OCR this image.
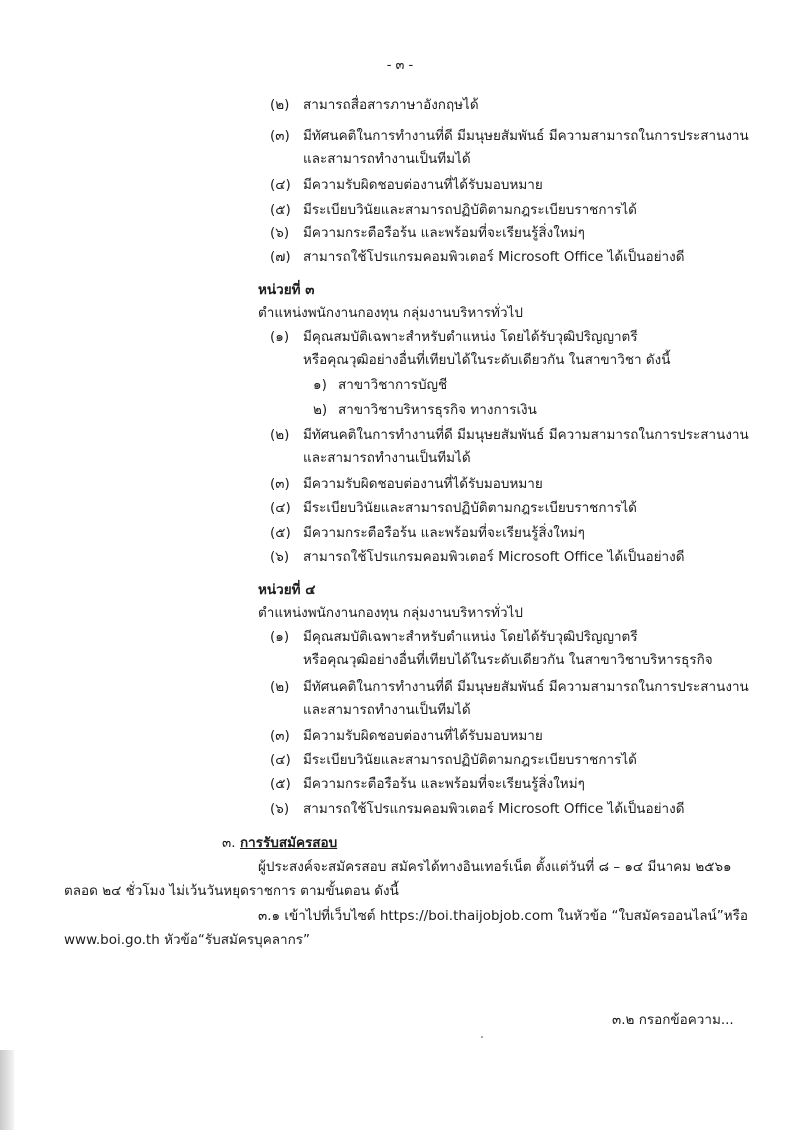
- ๓ -
(๒) สามารถสื่อสารภาษาอังกฤษได้
(๓) มีทัศนคติในการทำงานที่ดี มีมนุษยสัมพันธ์ มีความสามารถในการประสานงาน
และสามารถทำงานเป็นทีมได้
(๔) มีความรับผิดชอบต่องานที่ได้รับมอบหมาย
(๕) มีระเบียบวินัยและสามารถปฏิบัติตามกฎระเบียบราชการได้
(๖) มีความกระตือรือร้น และพร้อมที่จะเรียนรู้สิ่งใหม่ๆ
(๗) สามารถใช้โปรแกรมคอมพิวเตอร์ Microsoft Office ได้เป็นอย่างดี
หน่วยที่ ๓
ตำแหน่งพนักงานกองทุน กลุ่มงานบริหารทั่วไป
(๑) มีคุณสมบัติเฉพาะสำหรับตำแหน่ง โดยได้รับวุฒิปริญญาตรี
หรือคุณวุฒิอย่างอื่นที่เทียบได้ในระดับเดียวกัน ในสาขาวิชา ดังนี้
๑) สาขาวิชาการบัญชี
๒) สาขาวิชาบริหารธุรกิจ ทางการเงิน
(๒) มีทัศนคติในการทำงานที่ดี มีมนุษยสัมพันธ์ มีความสามารถในการประสานงาน
และสามารถทำงานเป็นทีมได้
(๓) มีความรับผิดชอบต่องานที่ได้รับมอบหมาย
(๔) มีระเบียบวินัยและสามารถปฏิบัติตามกฎระเบียบราชการได้
(๕) มีความกระตือรือร้น และพร้อมที่จะเรียนรู้สิ่งใหม่ๆ
(๖) สามารถใช้โปรแกรมคอมพิวเตอร์ Microsoft Office ได้เป็นอย่างดี
หน่วยที่ ๔
ตำแหน่งพนักงานกองทุน กลุ่มงานบริหารทั่วไป
(๑) มีคุณสมบัติเฉพาะสำหรับตำแหน่ง โดยได้รับวุฒิปริญญาตรี
หรือคุณวุฒิอย่างอื่นที่เทียบได้ในระดับเดียวกัน ในสาขาวิชาบริหารธุรกิจ
(๒) มีทัศนคติในการทำงานที่ดี มีมนุษยสัมพันธ์ มีความสามารถในการประสานงาน
และสามารถทำงานเป็นทีมได้
(๓) มีความรับผิดชอบต่องานที่ได้รับมอบหมาย
(๔) มีระเบียบวินัยและสามารถปฏิบัติตามกฎระเบียบราชการได้
(๕) มีความกระตือรือร้น และพร้อมที่จะเรียนรู้สิ่งใหม่ๆ
(๖) สามารถใช้โปรแกรมคอมพิวเตอร์ Microsoft Office ได้เป็นอย่างดี
๓. การรับสมัครสอบ
ผู้ประสงค์จะสมัครสอบ สมัครได้ทางอินเทอร์เน็ต ตั้งแต่วันที่ ๘ – ๑๔ มีนาคม ๒๕๖๑
ตลอด ๒๔ ชั่วโมง ไม่เว้นวันหยุดราชการ ตามขั้นตอน ดังนี้
๓.๑ เข้าไปที่เว็บไซต์ https://boi.thaijobjob.com ในหัวข้อ “ใบสมัครออนไลน์”หรือ
www.boi.go.th หัวข้อ“รับสมัครบุคลากร”
๓.๒ กรอกข้อความ...
